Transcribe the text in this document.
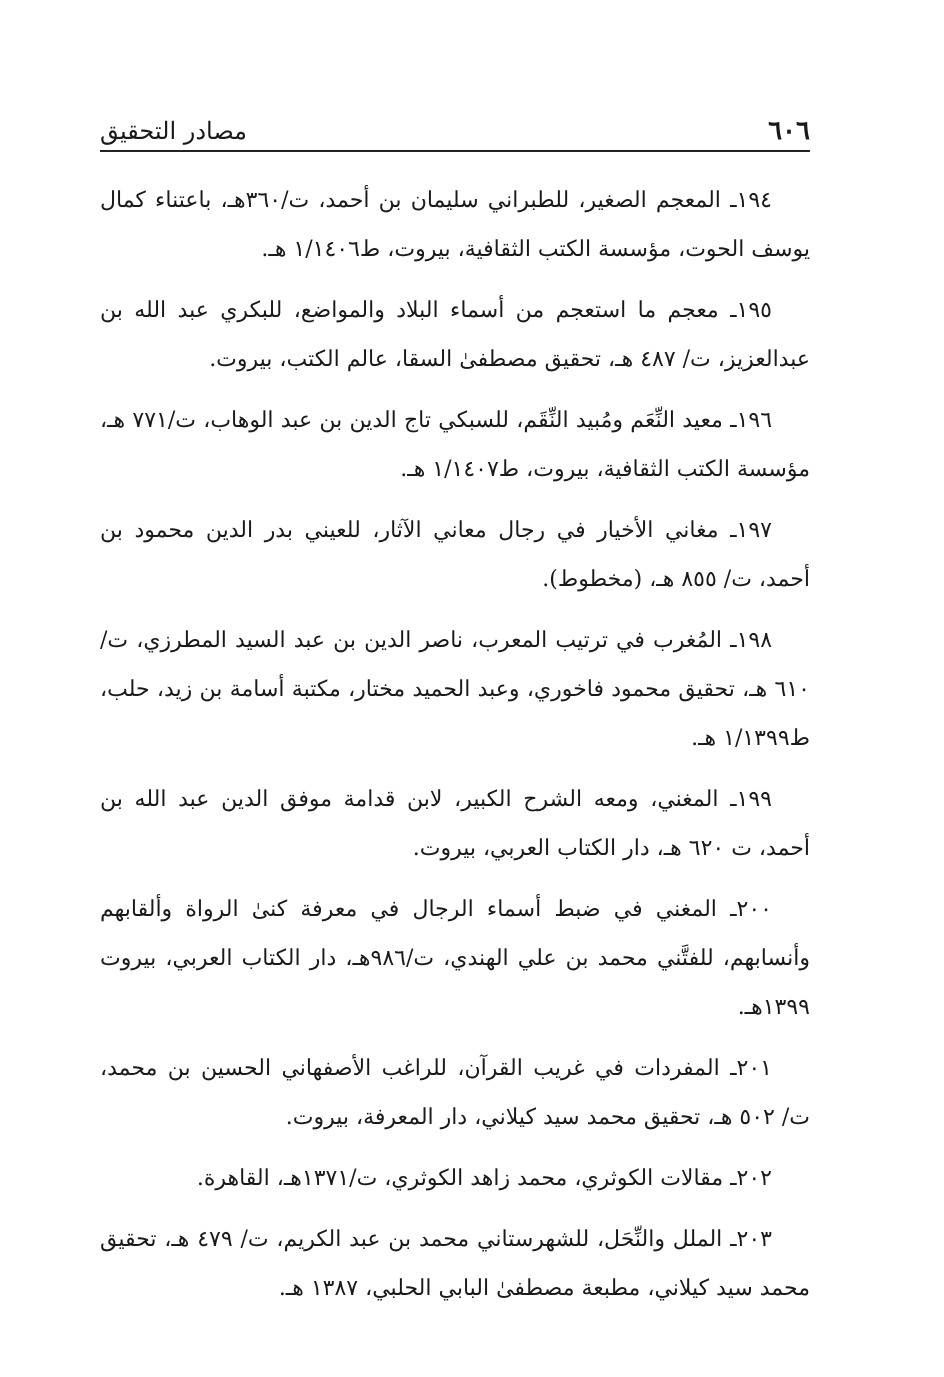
٦٠٦
مصادر التحقيق

١٩٤ـ المعجم الصغير، للطبراني سليمان بن أحمد، ت/٣٦٠هـ، باعتناء كمال يوسف الحوت، مؤسسة الكتب الثقافية، بيروت، ط١/١٤٠٦ هـ.

١٩٥ـ معجم ما استعجم من أسماء البلاد والمواضع، للبكري عبد الله بن عبدالعزيز، ت/ ٤٨٧ هـ، تحقيق مصطفىٰ السقا، عالم الكتب، بيروت.

١٩٦ـ معيد النِّعَم ومُبيد النِّقَم، للسبكي تاج الدين بن عبد الوهاب، ت/٧٧١ هـ، مؤسسة الكتب الثقافية، بيروت، ط١/١٤٠٧ هـ.

١٩٧ـ مغاني الأخيار في رجال معاني الآثار، للعيني بدر الدين محمود بن أحمد، ت/ ٨٥٥ هـ، (مخطوط).

١٩٨ـ المُغرب في ترتيب المعرب، ناصر الدين بن عبد السيد المطرزي، ت/ ٦١٠ هـ، تحقيق محمود فاخوري، وعبد الحميد مختار، مكتبة أسامة بن زيد، حلب، ط١/١٣٩٩ هـ.

١٩٩ـ المغني، ومعه الشرح الكبير، لابن قدامة موفق الدين عبد الله بن أحمد، ت ٦٢٠ هـ، دار الكتاب العربي، بيروت.

٢٠٠ـ المغني في ضبط أسماء الرجال في معرفة كنىٰ الرواة وألقابهم وأنسابهم، للفتَّني محمد بن علي الهندي، ت/٩٨٦هـ، دار الكتاب العربي، بيروت ١٣٩٩هـ.

٢٠١ـ المفردات في غريب القرآن، للراغب الأصفهاني الحسين بن محمد، ت/ ٥٠٢ هـ، تحقيق محمد سيد كيلاني، دار المعرفة، بيروت.

٢٠٢ـ مقالات الكوثري، محمد زاهد الكوثري، ت/١٣٧١هـ، القاهرة.

٢٠٣ـ الملل والنِّحَل، للشهرستاني محمد بن عبد الكريم، ت/ ٤٧٩ هـ، تحقيق محمد سيد كيلاني، مطبعة مصطفىٰ البابي الحلبي، ١٣٨٧ هـ.
